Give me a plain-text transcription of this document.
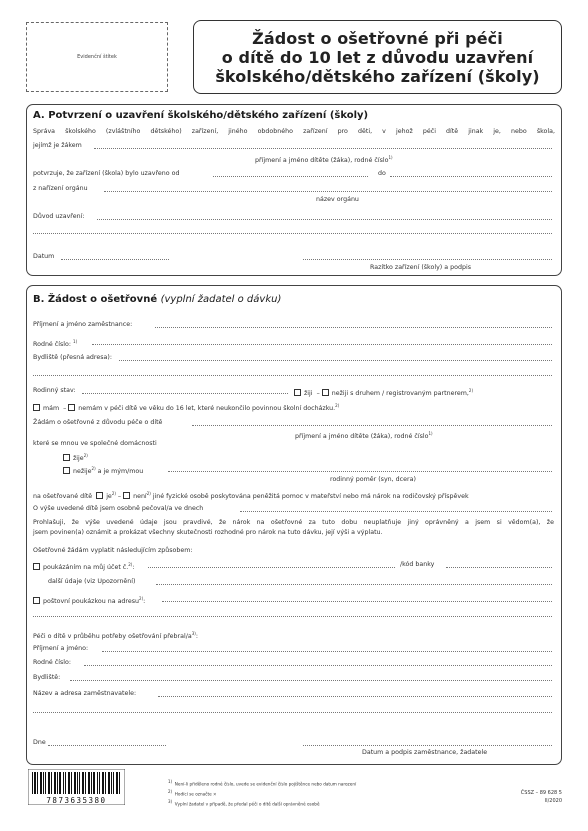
Evidenční štítek
Žádost o ošetřovné při péči
o dítě do 10 let z důvodu uzavření
školského/dětského zařízení (školy)
A. Potvrzení o uzavření školského/dětského zařízení (školy)
Správa školského (zvláštního dětského) zařízení, jiného obdobného zařízení pro děti, v jehož péči dítě jinak je, nebo škola,
jejímž je žákem
příjmení a jméno dítěte (žáka), rodné číslo$^{1)}$
potvrzuje, že zařízení (škola) bylo uzavřeno od	do
z nařízení orgánu
název orgánu
Důvod uzavření:
Datum
Razítko zařízení (školy) a podpis
B. Žádost o ošetřovné (vyplní žadatel o dávku)
Příjmení a jméno zaměstnance:
Rodné číslo: $^{1)}$
Bydliště (přesná adresa):
Rodinný stav:	žiji  – nežiji s druhem / registrovaným partnerem,$^{2)}$
mám  – nemám v péči dítě ve věku do 16 let, které neukončilo povinnou školní docházku.$^{2)}$
Žádám o ošetřovné z důvodu péče o dítě
příjmení a jméno dítěte (žáka), rodné číslo$^{1)}$
které se mnou ve společné domácnosti
žije$^{2)}$
nežije$^{2)}$ a je mým/mou
rodinný poměr (syn, dcera)
na ošetřované dítě $je^{2)}$ – není$^{2)}$ jiné fyzické osobě poskytována peněžitá pomoc v mateřství nebo má nárok na rodičovský příspěvek
O výše uvedené dítě jsem osobně pečoval/a ve dnech
Prohlašuji, že výše uvedené údaje jsou pravdivé, že nárok na ošetřovné za tuto dobu neuplatňuje jiný oprávněný a jsem si vědom(a), že
jsem povinen(a) oznámit a prokázat všechny skutečnosti rozhodné pro nárok na tuto dávku, její výši a výplatu.
Ošetřovné žádám vyplatit následujícím způsobem:
poukázáním na můj účet č.$^{2)}$:	/kód banky
další údaje (viz Upozornění)
poštovní poukázkou na adresu$^{2)}$:
Péči o dítě v průběhu potřeby ošetřování přebral/$a^{3)}$:
Příjmení a jméno:
Rodné číslo:
Bydliště:
Název a adresa zaměstnavatele:
Dne
Datum a podpis zaměstnance, žadatele
7873635380
$^{1)}$ Není-li přiděleno rodné číslo, uvede se evidenční číslo pojištěnce nebo datum narození
$^{2)}$ Hodící se označte ×
$^{3)}$ Vyplní žadatel v případě, že předal péči o dítě další oprávněné osobě
ČSSZ – 89 628 5
II/2020
